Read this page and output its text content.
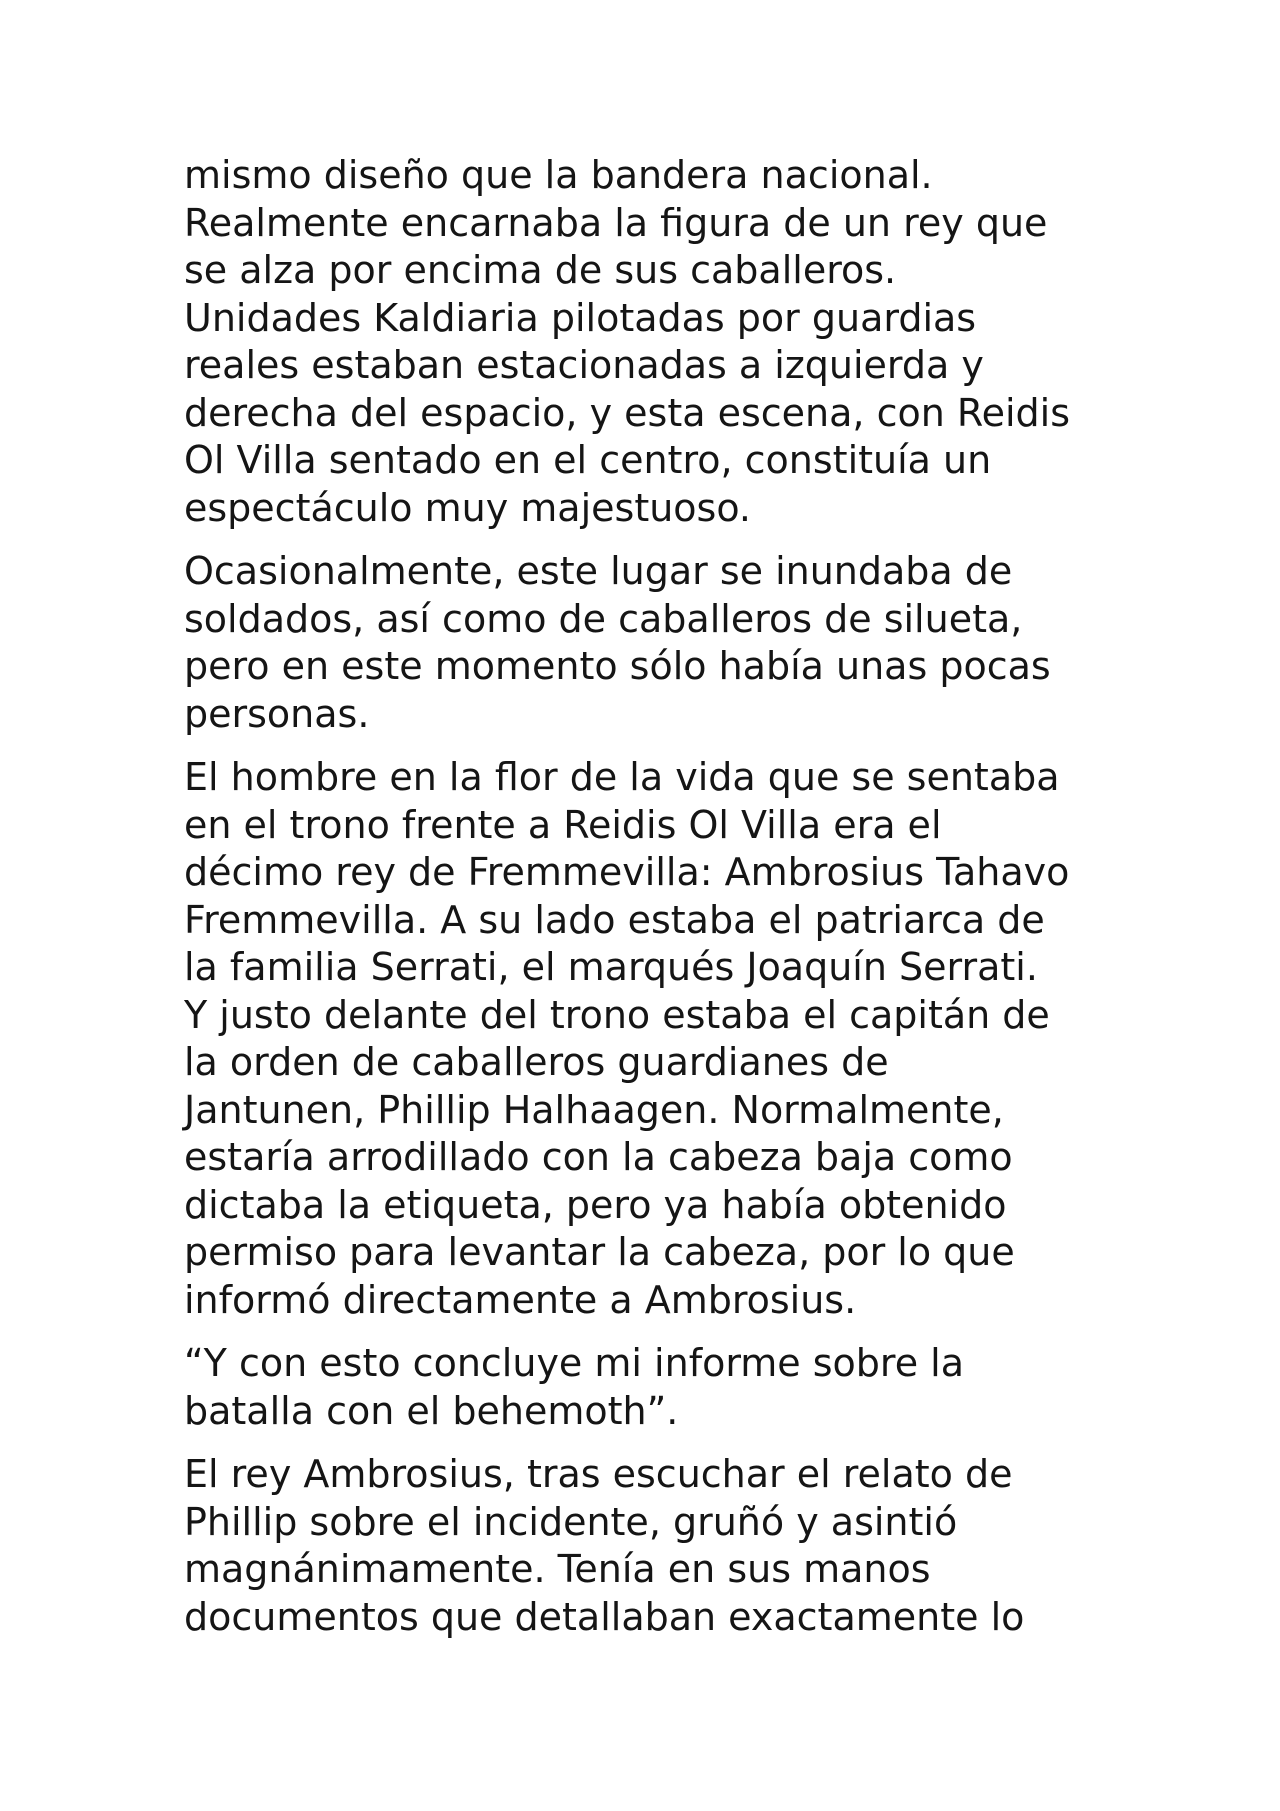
mismo diseño que la bandera nacional.
Realmente encarnaba la figura de un rey que
se alza por encima de sus caballeros.
Unidades Kaldiaria pilotadas por guardias
reales estaban estacionadas a izquierda y
derecha del espacio, y esta escena, con Reidis
Ol Villa sentado en el centro, constituía un
espectáculo muy majestuoso.

Ocasionalmente, este lugar se inundaba de
soldados, así como de caballeros de silueta,
pero en este momento sólo había unas pocas
personas.

El hombre en la flor de la vida que se sentaba
en el trono frente a Reidis Ol Villa era el
décimo rey de Fremmevilla: Ambrosius Tahavo
Fremmevilla. A su lado estaba el patriarca de
la familia Serrati, el marqués Joaquín Serrati.
Y justo delante del trono estaba el capitán de
la orden de caballeros guardianes de
Jantunen, Phillip Halhaagen. Normalmente,
estaría arrodillado con la cabeza baja como
dictaba la etiqueta, pero ya había obtenido
permiso para levantar la cabeza, por lo que
informó directamente a Ambrosius.

“Y con esto concluye mi informe sobre la
batalla con el behemoth”.

El rey Ambrosius, tras escuchar el relato de
Phillip sobre el incidente, gruñó y asintió
magnánimamente. Tenía en sus manos
documentos que detallaban exactamente lo
